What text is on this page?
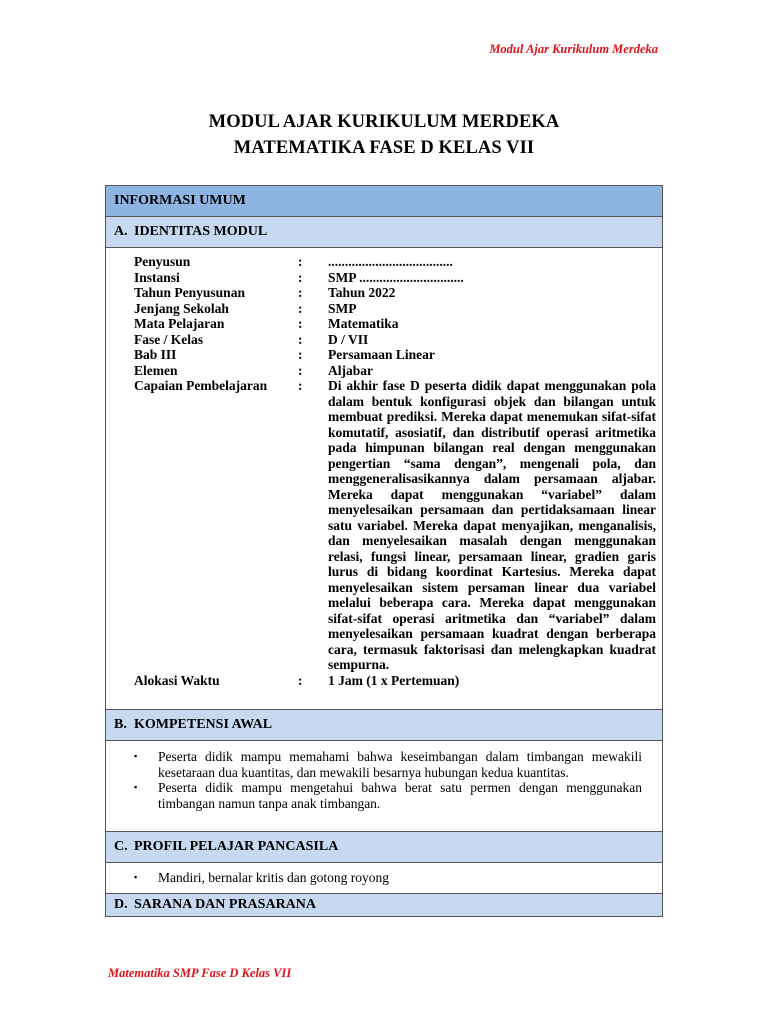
Modul Ajar Kurikulum Merdeka
MODUL AJAR KURIKULUM MERDEKA
MATEMATIKA FASE D KELAS VII
INFORMASI UMUM
A. IDENTITAS MODUL
Penyusun	:	.....................................
Instansi	:	SMP ...............................
Tahun Penyusunan	:	Tahun 2022
Jenjang Sekolah	:	SMP
Mata Pelajaran	:	Matematika
Fase / Kelas	:	D / VII
Bab III	:	Persamaan Linear
Elemen	:	Aljabar
Capaian Pembelajaran	:	Di akhir fase D peserta didik dapat menggunakan pola dalam bentuk konfigurasi objek dan bilangan untuk membuat prediksi. Mereka dapat menemukan sifat-sifat komutatif, asosiatif, dan distributif operasi aritmetika pada himpunan bilangan real dengan menggunakan pengertian “sama dengan”, mengenali pola, dan menggeneralisasikannya dalam persamaan aljabar. Mereka dapat menggunakan “variabel” dalam menyelesaikan persamaan dan pertidaksamaan linear satu variabel. Mereka dapat menyajikan, menganalisis, dan menyelesaikan masalah dengan menggunakan relasi, fungsi linear, persamaan linear, gradien garis lurus di bidang koordinat Kartesius. Mereka dapat menyelesaikan sistem persaman linear dua variabel melalui beberapa cara. Mereka dapat menggunakan sifat-sifat operasi aritmetika dan “variabel” dalam menyelesaikan persamaan kuadrat dengan berberapa cara, termasuk faktorisasi dan melengkapkan kuadrat sempurna.
Alokasi Waktu	:	1 Jam (1 x Pertemuan)
B. KOMPETENSI AWAL
▪	Peserta didik mampu memahami bahwa keseimbangan dalam timbangan mewakili kesetaraan dua kuantitas, dan mewakili besarnya hubungan kedua kuantitas.
▪	Peserta didik mampu mengetahui bahwa berat satu permen dengan menggunakan timbangan namun tanpa anak timbangan.
C. PROFIL PELAJAR PANCASILA
▪	Mandiri, bernalar kritis dan gotong royong
D. SARANA DAN PRASARANA
Matematika SMP Fase D Kelas VII
